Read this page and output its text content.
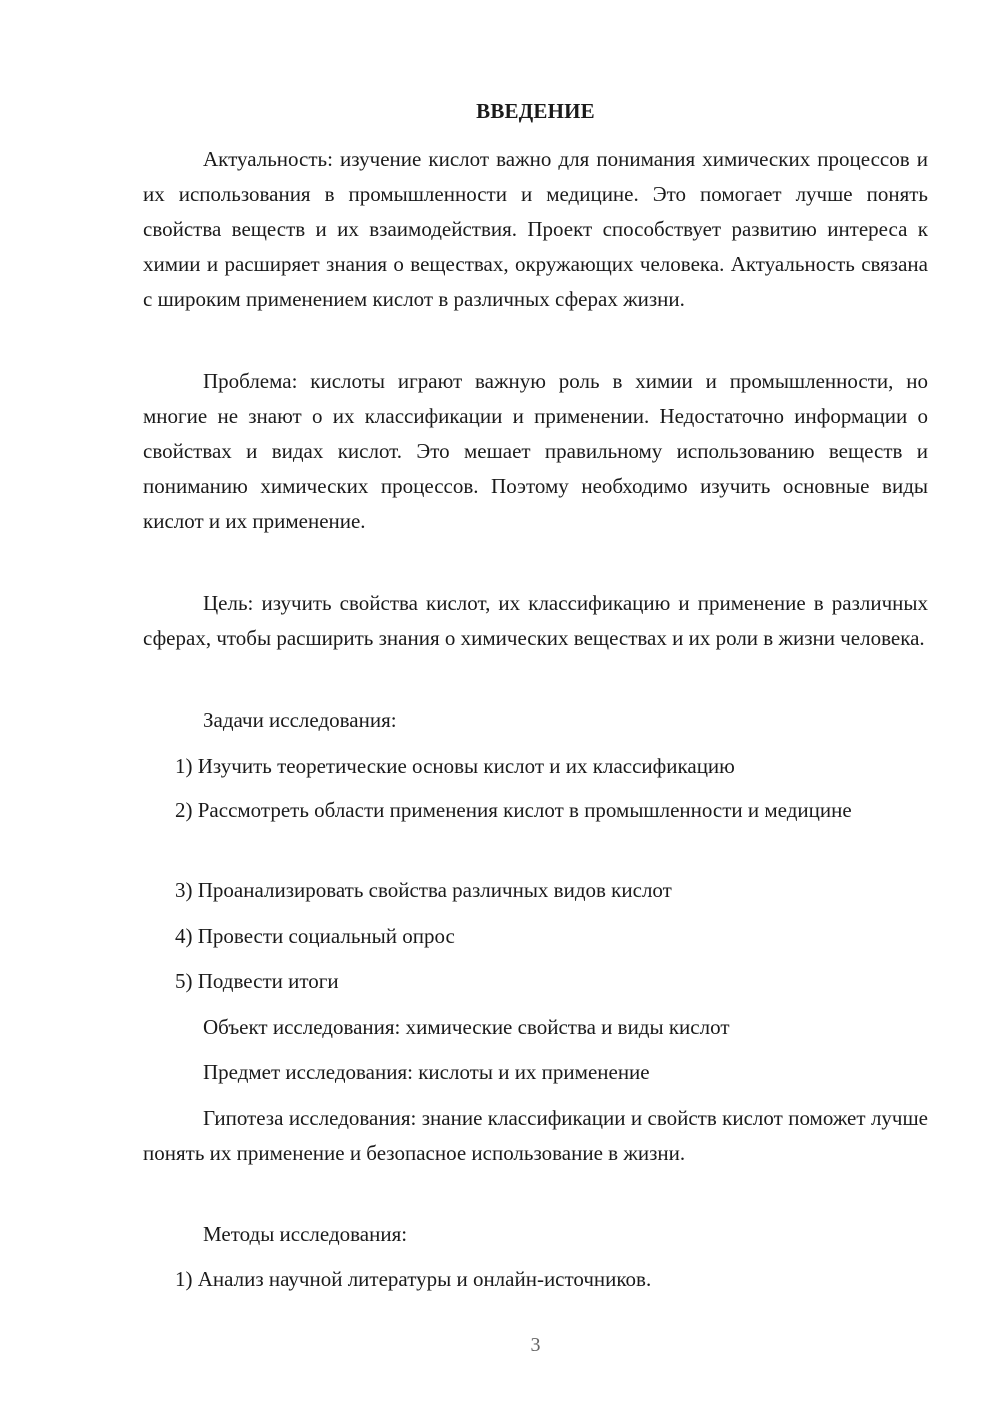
ВВЕДЕНИЕ

Актуальность: изучение кислот важно для понимания химических процессов и их использования в промышленности и медицине. Это помогает лучше понять свойства веществ и их взаимодействия. Проект способствует развитию интереса к химии и расширяет знания о веществах, окружающих человека. Актуальность связана с широким применением кислот в различных сферах жизни.

Проблема: кислоты играют важную роль в химии и промышленности, но многие не знают о их классификации и применении. Недостаточно информации о свойствах и видах кислот. Это мешает правильному использованию веществ и пониманию химических процессов. Поэтому необходимо изучить основные виды кислот и их применение.

Цель: изучить свойства кислот, их классификацию и применение в различных сферах, чтобы расширить знания о химических веществах и их роли в жизни человека.

Задачи исследования:

1) Изучить теоретические основы кислот и их классификацию

2) Рассмотреть области применения кислот в промышленности и медицине

3) Проанализировать свойства различных видов кислот

4) Провести социальный опрос

5) Подвести итоги

Объект исследования: химические свойства и виды кислот

Предмет исследования: кислоты и их применение

Гипотеза исследования: знание классификации и свойств кислот поможет лучше понять их применение и безопасное использование в жизни.

Методы исследования:

1) Анализ научной литературы и онлайн-источников.

3
